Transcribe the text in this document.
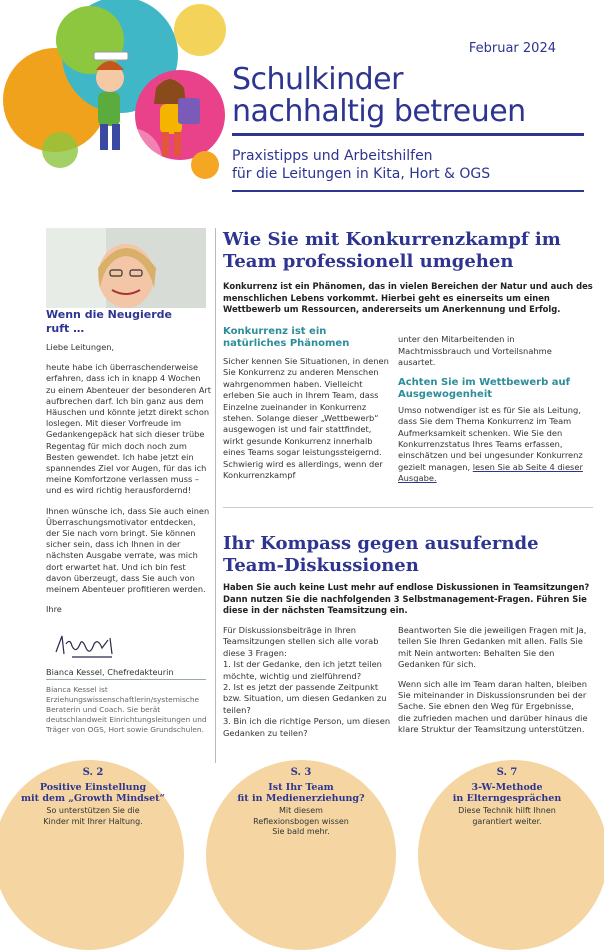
Februar 2024
Schulkinder
nachhaltig betreuen
Praxistipps und Arbeitshilfen
für die Leitungen in Kita, Hort & OGS
Wenn die Neugierde ruft …

Liebe Leitungen,

heute habe ich überraschenderweise erfahren, dass ich in knapp 4 Wochen zu einem Abenteuer der besonderen Art aufbrechen darf. Ich bin ganz aus dem Häuschen und könnte jetzt direkt schon loslegen. Mit dieser Vorfreude im Gedankengepäck hat sich dieser trübe Regentag für mich doch noch zum Besten gewendet. Ich habe jetzt ein spannendes Ziel vor Augen, für das ich meine Komfortzone verlassen muss – und es wird richtig herausfordernd!

Ihnen wünsche ich, dass Sie auch einen Überraschungsmotivator entdecken, der Sie nach vorn bringt. Sie können sicher sein, dass ich Ihnen in der nächsten Ausgabe verrate, was mich dort erwartet hat. Und ich bin fest davon überzeugt, dass Sie auch von meinem Abenteuer profitieren werden.

Ihre

Bianca Kessel, Chefredakteurin
Bianca Kessel ist Erziehungswissenschaftlerin/systemische Beraterin und Coach. Sie berät deutschlandweit Einrichtungsleitungen und Träger von OGS, Hort sowie Grundschulen.
Wie Sie mit Konkurrenzkampf im Team professionell umgehen
Konkurrenz ist ein Phänomen, das in vielen Bereichen der Natur und auch des menschlichen Lebens vorkommt. Hierbei geht es einerseits um einen Wettbewerb um Ressourcen, andererseits um Anerkennung und Erfolg.
Konkurrenz ist ein natürliches Phänomen

Sicher kennen Sie Situationen, in denen Sie Konkurrenz zu anderen Menschen wahrgenommen haben. Vielleicht erleben Sie auch in Ihrem Team, dass Einzelne zueinander in Konkurrenz stehen. Solange dieser „Wettbewerb“ ausgewogen ist und fair stattfindet, wirkt gesunde Konkurrenz innerhalb eines Teams sogar leistungssteigernd. Schwierig wird es allerdings, wenn der Konkurrenzkampf

unter den Mitarbeitenden in Machtmissbrauch und Vorteilsnahme ausartet.

Achten Sie im Wettbewerb auf Ausgewogenheit

Umso notwendiger ist es für Sie als Leitung, dass Sie dem Thema Konkurrenz im Team Aufmerksamkeit schenken. Wie Sie den Konkurrenzstatus Ihres Teams erfassen, einschätzen und bei ungesunder Konkurrenz gezielt managen, lesen Sie ab Seite 4 dieser Ausgabe.

Ihr Kompass gegen ausufernde Team-Diskussionen
Haben Sie auch keine Lust mehr auf endlose Diskussionen in Teamsitzungen? Dann nutzen Sie die nachfolgenden 3 Selbstmanagement-Fragen. Führen Sie diese in der nächsten Teamsitzung ein.

Für Diskussionsbeiträge in Ihren Teamsitzungen stellen sich alle vorab diese 3 Fragen:

1. Ist der Gedanke, den ich jetzt teilen möchte, wichtig und zielführend?

2. Ist es jetzt der passende Zeitpunkt bzw. Situation, um diesen Gedanken zu teilen?

3. Bin ich die richtige Person, um diesen Gedanken zu teilen?

Beantworten Sie die jeweiligen Fragen mit Ja, teilen Sie Ihren Gedanken mit allen. Falls Sie mit Nein antworten: Behalten Sie den Gedanken für sich.

Wenn sich alle im Team daran halten, bleiben Sie miteinander in Diskussionsrunden bei der Sache. Sie ebnen den Weg für Ergebnisse, die zufrieden machen und darüber hinaus die klare Struktur der Teamsitzung unterstützen.

S. 2
Positive Einstellung
mit dem „Growth Mindset“
So unterstützen Sie die Kinder mit Ihrer Haltung.
S. 3
Ist Ihr Team
fit in Medienerziehung?
Mit diesem Reflexionsbogen wissen Sie bald mehr.
S. 7
3-W-Methode
in Elterngesprächen
Diese Technik hilft Ihnen garantiert weiter.
